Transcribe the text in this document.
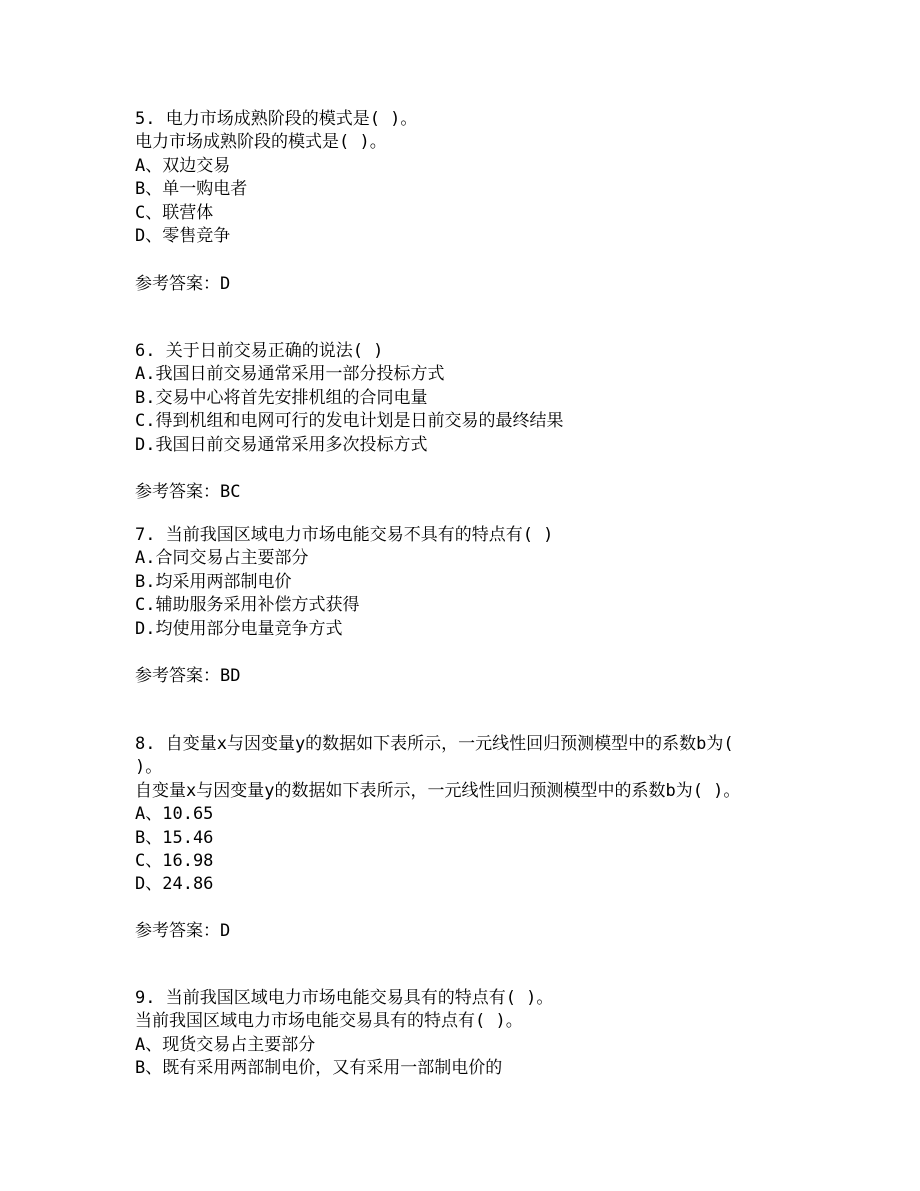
5. 电力市场成熟阶段的模式是( )。
电力市场成熟阶段的模式是( )。
A、双边交易
B、单一购电者
C、联营体
D、零售竞争
参考答案：D
6. 关于日前交易正确的说法( )
A.我国日前交易通常采用一部分投标方式
B.交易中心将首先安排机组的合同电量
C.得到机组和电网可行的发电计划是日前交易的最终结果
D.我国日前交易通常采用多次投标方式
参考答案：BC
7. 当前我国区域电力市场电能交易不具有的特点有( )
A.合同交易占主要部分
B.均采用两部制电价
C.辅助服务采用补偿方式获得
D.均使用部分电量竞争方式
参考答案：BD
8. 自变量x与因变量y的数据如下表所示，一元线性回归预测模型中的系数b为(
)。
自变量x与因变量y的数据如下表所示，一元线性回归预测模型中的系数b为( )。
A、10.65
B、15.46
C、16.98
D、24.86
参考答案：D
9. 当前我国区域电力市场电能交易具有的特点有( )。
当前我国区域电力市场电能交易具有的特点有( )。
A、现货交易占主要部分
B、既有采用两部制电价，又有采用一部制电价的
